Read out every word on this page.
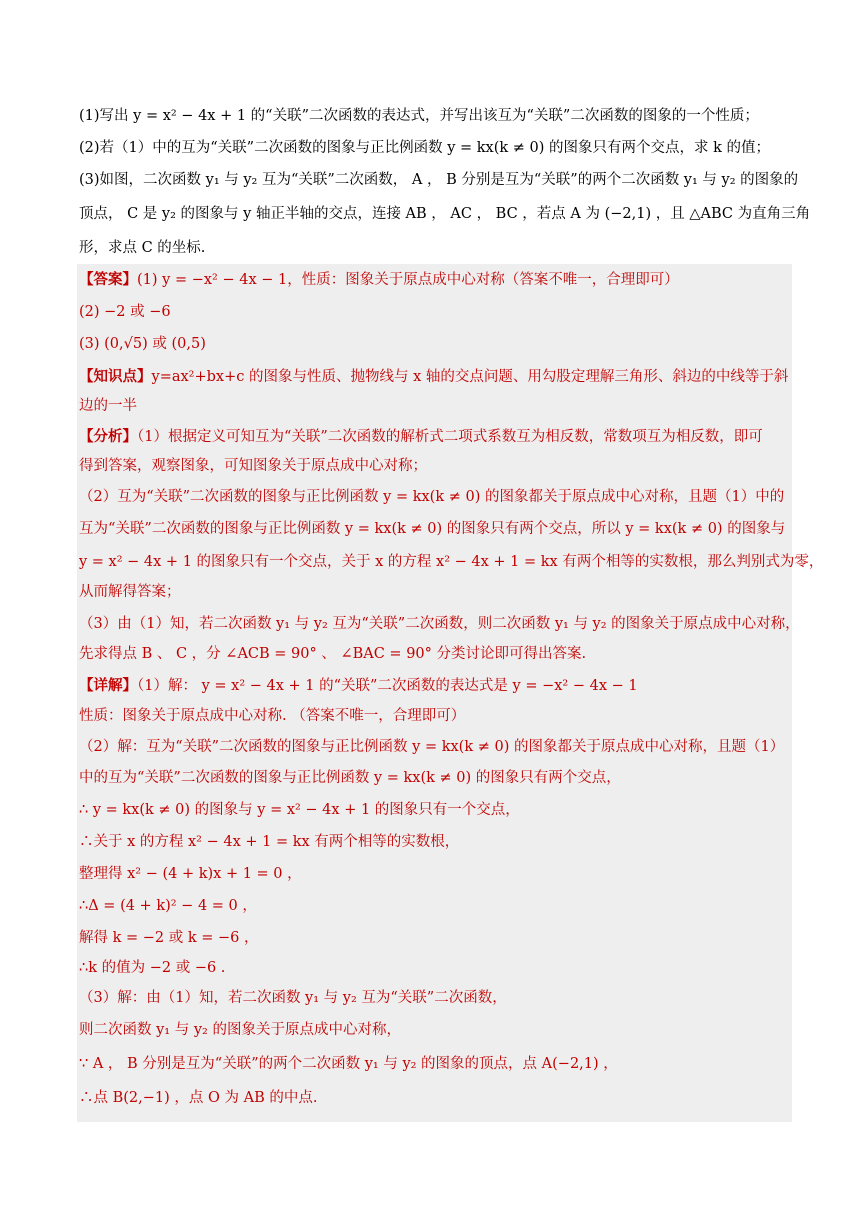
(1)写出 y = x² − 4x + 1 的“关联”二次函数的表达式，并写出该互为“关联”二次函数的图象的一个性质；
(2)若（1）中的互为“关联”二次函数的图象与正比例函数 y = kx(k ≠ 0) 的图象只有两个交点，求 k 的值；
(3)如图，二次函数 y₁ 与 y₂ 互为“关联”二次函数， A ， B 分别是互为“关联”的两个二次函数 y₁ 与 y₂ 的图象的
顶点， C 是 y₂ 的图象与 y 轴正半轴的交点，连接 AB ， AC ， BC ，若点 A 为 (−2,1) ，且 △ABC 为直角三角
形，求点 C 的坐标.
【答案】(1) y = −x² − 4x − 1，性质：图象关于原点成中心对称（答案不唯一，合理即可）
(2) −2 或 −6
(3) (0,√5) 或 (0,5)
【知识点】y=ax²+bx+c 的图象与性质、抛物线与 x 轴的交点问题、用勾股定理解三角形、斜边的中线等于斜
边的一半
【分析】（1）根据定义可知互为“关联”二次函数的解析式二项式系数互为相反数，常数项互为相反数，即可
得到答案，观察图象，可知图象关于原点成中心对称；
（2）互为“关联”二次函数的图象与正比例函数 y = kx(k ≠ 0) 的图象都关于原点成中心对称，且题（1）中的
互为“关联”二次函数的图象与正比例函数 y = kx(k ≠ 0) 的图象只有两个交点，所以 y = kx(k ≠ 0) 的图象与
y = x² − 4x + 1 的图象只有一个交点，关于 x 的方程 x² − 4x + 1 = kx 有两个相等的实数根，那么判别式为零，
从而解得答案；
（3）由（1）知，若二次函数 y₁ 与 y₂ 互为“关联”二次函数，则二次函数 y₁ 与 y₂ 的图象关于原点成中心对称，
先求得点 B 、 C ，分 ∠ACB = 90° 、 ∠BAC = 90° 分类讨论即可得出答案.
【详解】（1）解： y = x² − 4x + 1 的“关联”二次函数的表达式是 y = −x² − 4x − 1
性质：图象关于原点成中心对称. （答案不唯一，合理即可）
（2）解：互为“关联”二次函数的图象与正比例函数 y = kx(k ≠ 0) 的图象都关于原点成中心对称，且题（1）
中的互为“关联”二次函数的图象与正比例函数 y = kx(k ≠ 0) 的图象只有两个交点，
∴ y = kx(k ≠ 0) 的图象与 y = x² − 4x + 1 的图象只有一个交点，
∴关于 x 的方程 x² − 4x + 1 = kx 有两个相等的实数根，
整理得 x² − (4 + k)x + 1 = 0 ，
∴Δ = (4 + k)² − 4 = 0 ，
解得 k = −2 或 k = −6 ，
∴k 的值为 −2 或 −6 .
（3）解：由（1）知，若二次函数 y₁ 与 y₂ 互为“关联”二次函数，
则二次函数 y₁ 与 y₂ 的图象关于原点成中心对称，
∵ A ， B 分别是互为“关联”的两个二次函数 y₁ 与 y₂ 的图象的顶点，点 A(−2,1) ，
∴点 B(2,−1) ，点 O 为 AB 的中点.
